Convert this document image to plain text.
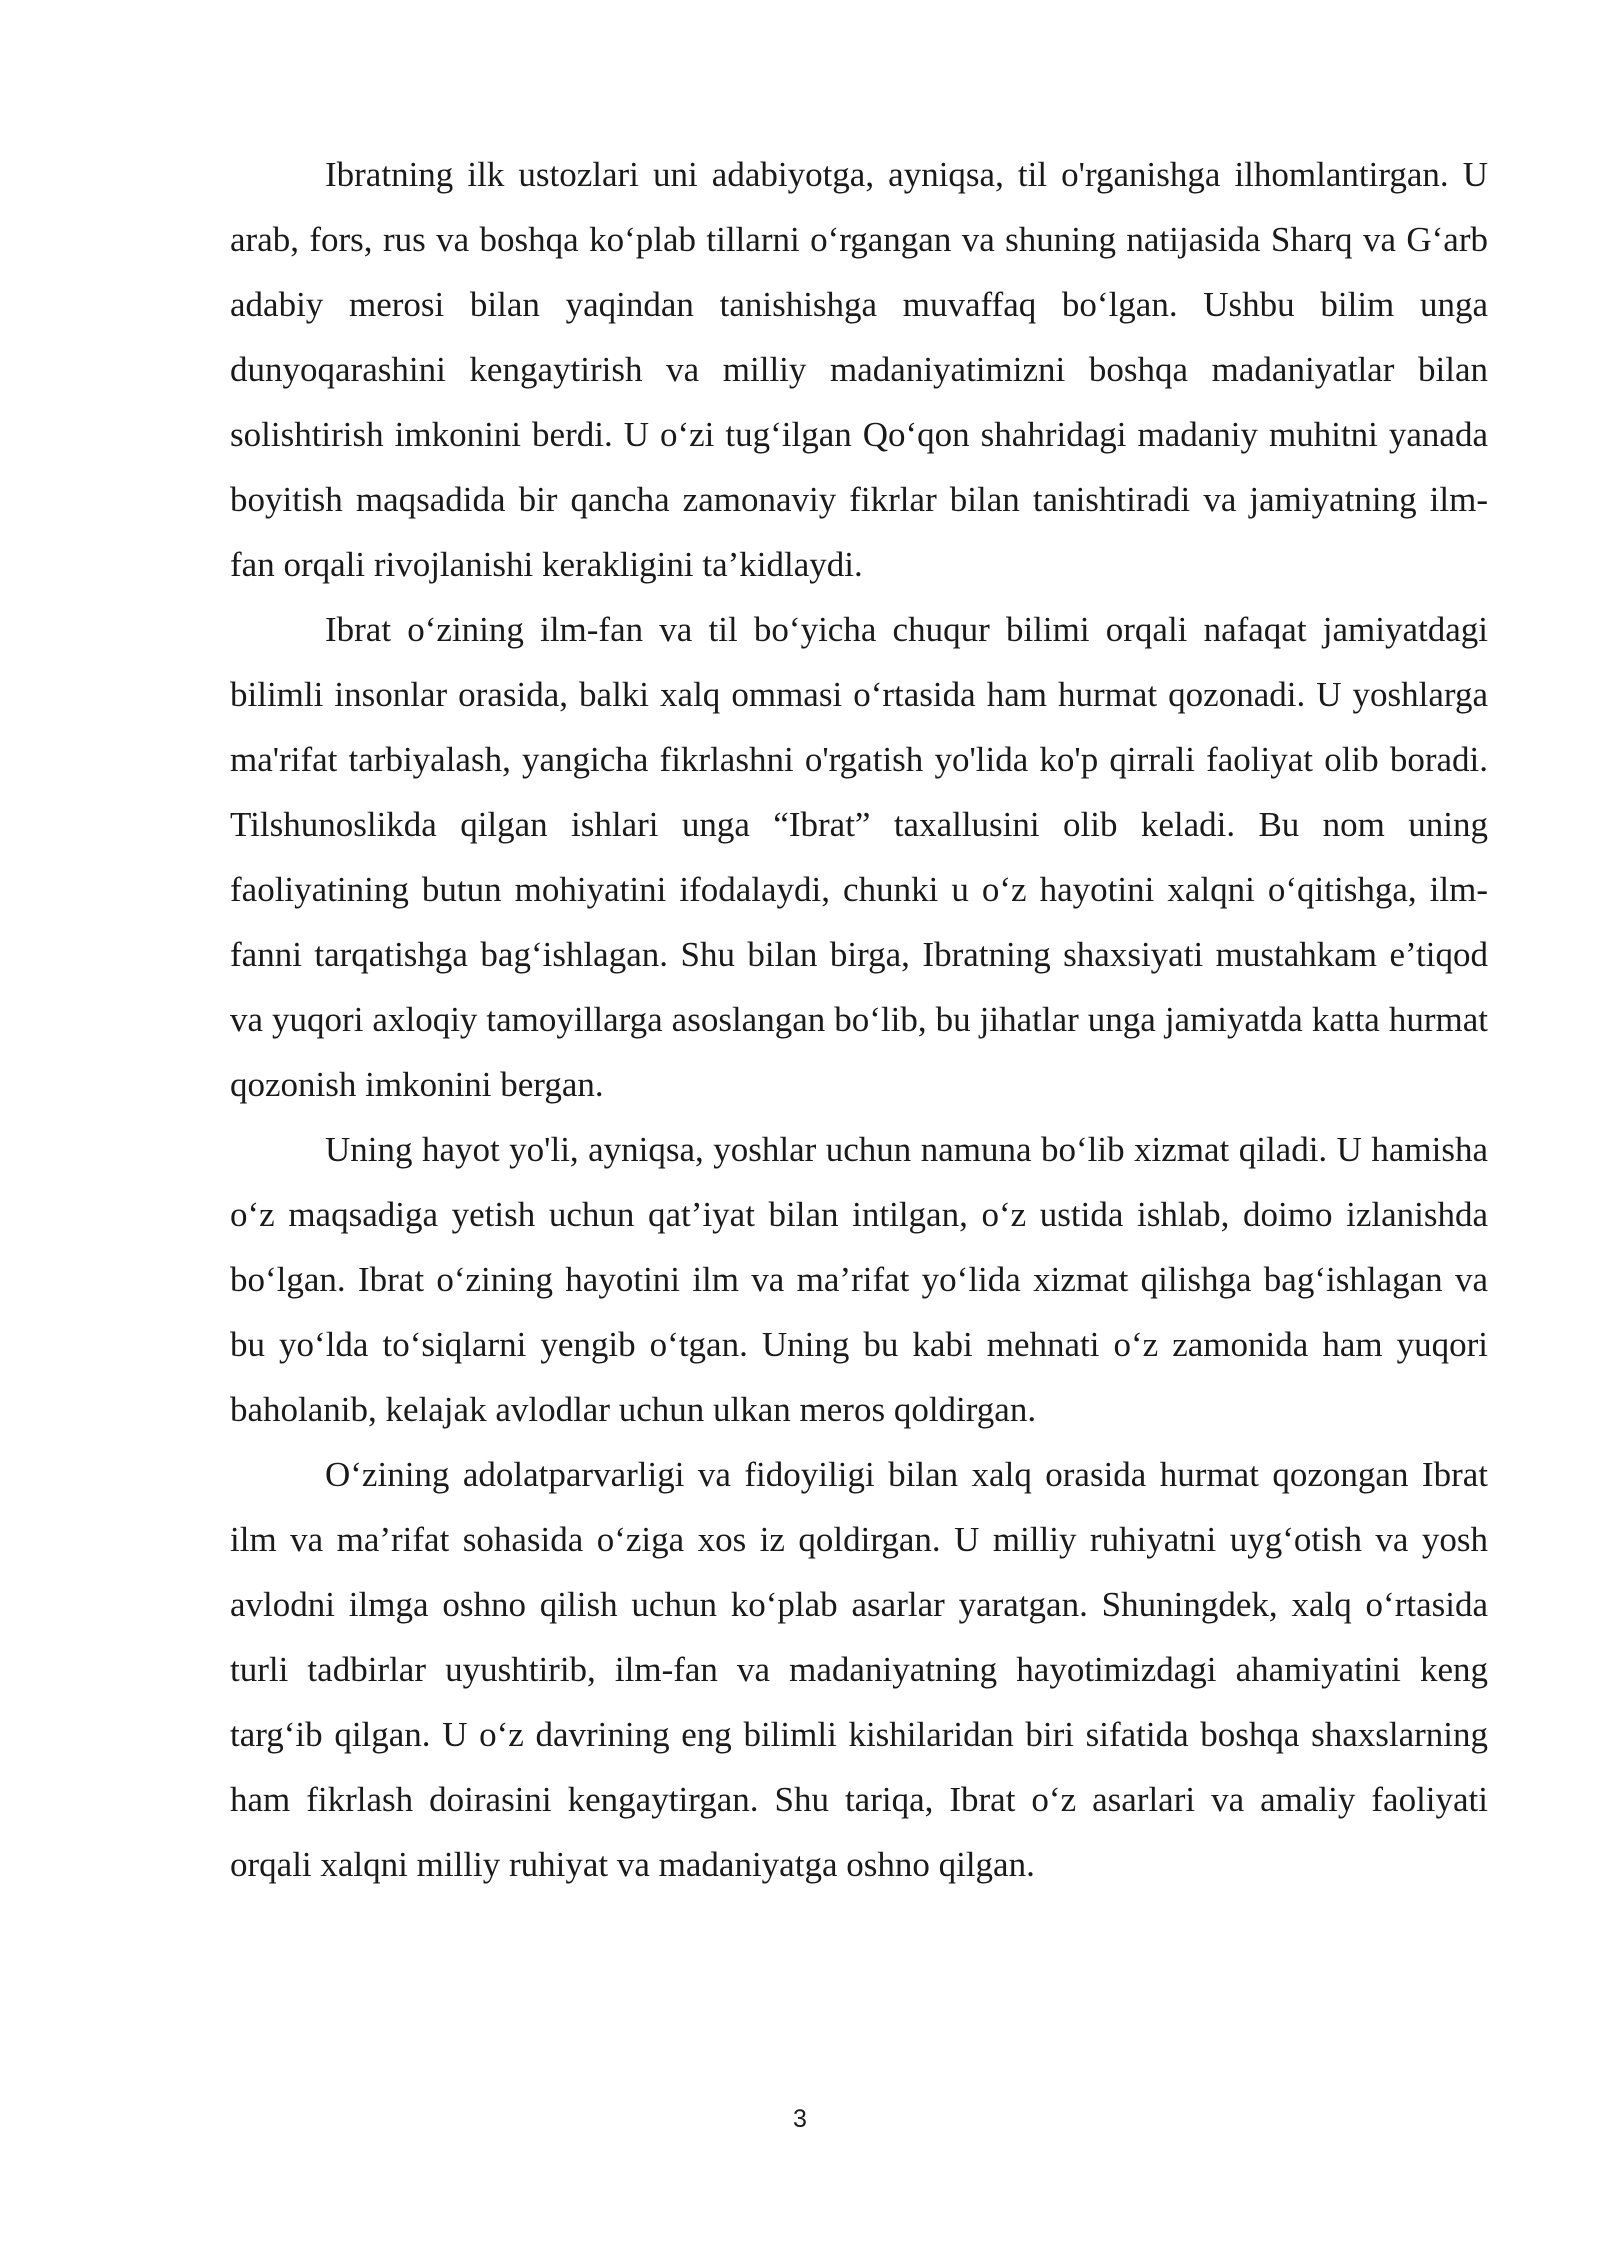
Ibratning ilk ustozlari uni adabiyotga, ayniqsa, til o'rganishga ilhomlantirgan. U arab, fors, rus va boshqa ko‘plab tillarni o‘rgangan va shuning natijasida Sharq va G‘arb adabiy merosi bilan yaqindan tanishishga muvaffaq bo‘lgan. Ushbu bilim unga dunyoqarashini kengaytirish va milliy madaniyatimizni boshqa madaniyatlar bilan solishtirish imkonini berdi. U o‘zi tug‘ilgan Qo‘qon shahridagi madaniy muhitni yanada boyitish maqsadida bir qancha zamonaviy fikrlar bilan tanishtiradi va jamiyatning ilm-fan orqali rivojlanishi kerakligini ta’kidlaydi.

Ibrat o‘zining ilm-fan va til bo‘yicha chuqur bilimi orqali nafaqat jamiyatdagi bilimli insonlar orasida, balki xalq ommasi o‘rtasida ham hurmat qozonadi. U yoshlarga ma'rifat tarbiyalash, yangicha fikrlashni o'rgatish yo'lida ko'p qirrali faoliyat olib boradi. Tilshunoslikda qilgan ishlari unga “Ibrat” taxallusini olib keladi. Bu nom uning faoliyatining butun mohiyatini ifodalaydi, chunki u o‘z hayotini xalqni o‘qitishga, ilm-fanni tarqatishga bag‘ishlagan. Shu bilan birga, Ibratning shaxsiyati mustahkam e’tiqod va yuqori axloqiy tamoyillarga asoslangan bo‘lib, bu jihatlar unga jamiyatda katta hurmat qozonish imkonini bergan.

Uning hayot yo'li, ayniqsa, yoshlar uchun namuna bo‘lib xizmat qiladi. U hamisha o‘z maqsadiga yetish uchun qat’iyat bilan intilgan, o‘z ustida ishlab, doimo izlanishda bo‘lgan. Ibrat o‘zining hayotini ilm va ma’rifat yo‘lida xizmat qilishga bag‘ishlagan va bu yo‘lda to‘siqlarni yengib o‘tgan. Uning bu kabi mehnati o‘z zamonida ham yuqori baholanib, kelajak avlodlar uchun ulkan meros qoldirgan.

O‘zining adolatparvarligi va fidoyiligi bilan xalq orasida hurmat qozongan Ibrat ilm va ma’rifat sohasida o‘ziga xos iz qoldirgan. U milliy ruhiyatni uyg‘otish va yosh avlodni ilmga oshno qilish uchun ko‘plab asarlar yaratgan. Shuningdek, xalq o‘rtasida turli tadbirlar uyushtirib, ilm-fan va madaniyatning hayotimizdagi ahamiyatini keng targ‘ib qilgan. U o‘z davrining eng bilimli kishilaridan biri sifatida boshqa shaxslarning ham fikrlash doirasini kengaytirgan. Shu tariqa, Ibrat o‘z asarlari va amaliy faoliyati orqali xalqni milliy ruhiyat va madaniyatga oshno qilgan.

3
